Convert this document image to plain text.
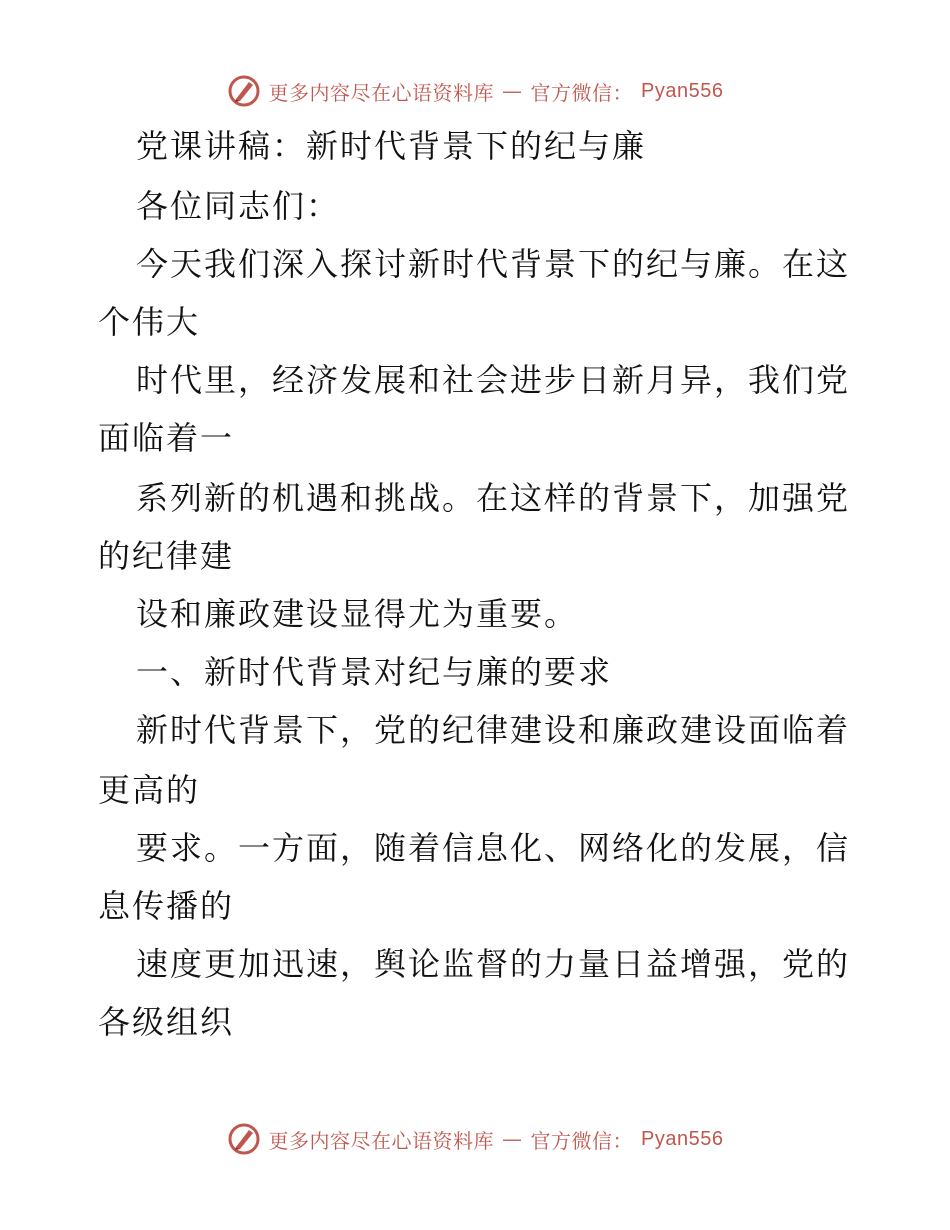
更多内容尽在心语资料库 — 官方微信： Pyan556
党课讲稿：新时代背景下的纪与廉
各位同志们：
今天我们深入探讨新时代背景下的纪与廉。在这
个伟大
时代里，经济发展和社会进步日新月异，我们党
面临着一
系列新的机遇和挑战。在这样的背景下，加强党
的纪律建
设和廉政建设显得尤为重要。
一、新时代背景对纪与廉的要求
新时代背景下，党的纪律建设和廉政建设面临着
更高的
要求。一方面，随着信息化、网络化的发展，信
息传播的
速度更加迅速，舆论监督的力量日益增强，党的
各级组织
更多内容尽在心语资料库 — 官方微信： Pyan556
